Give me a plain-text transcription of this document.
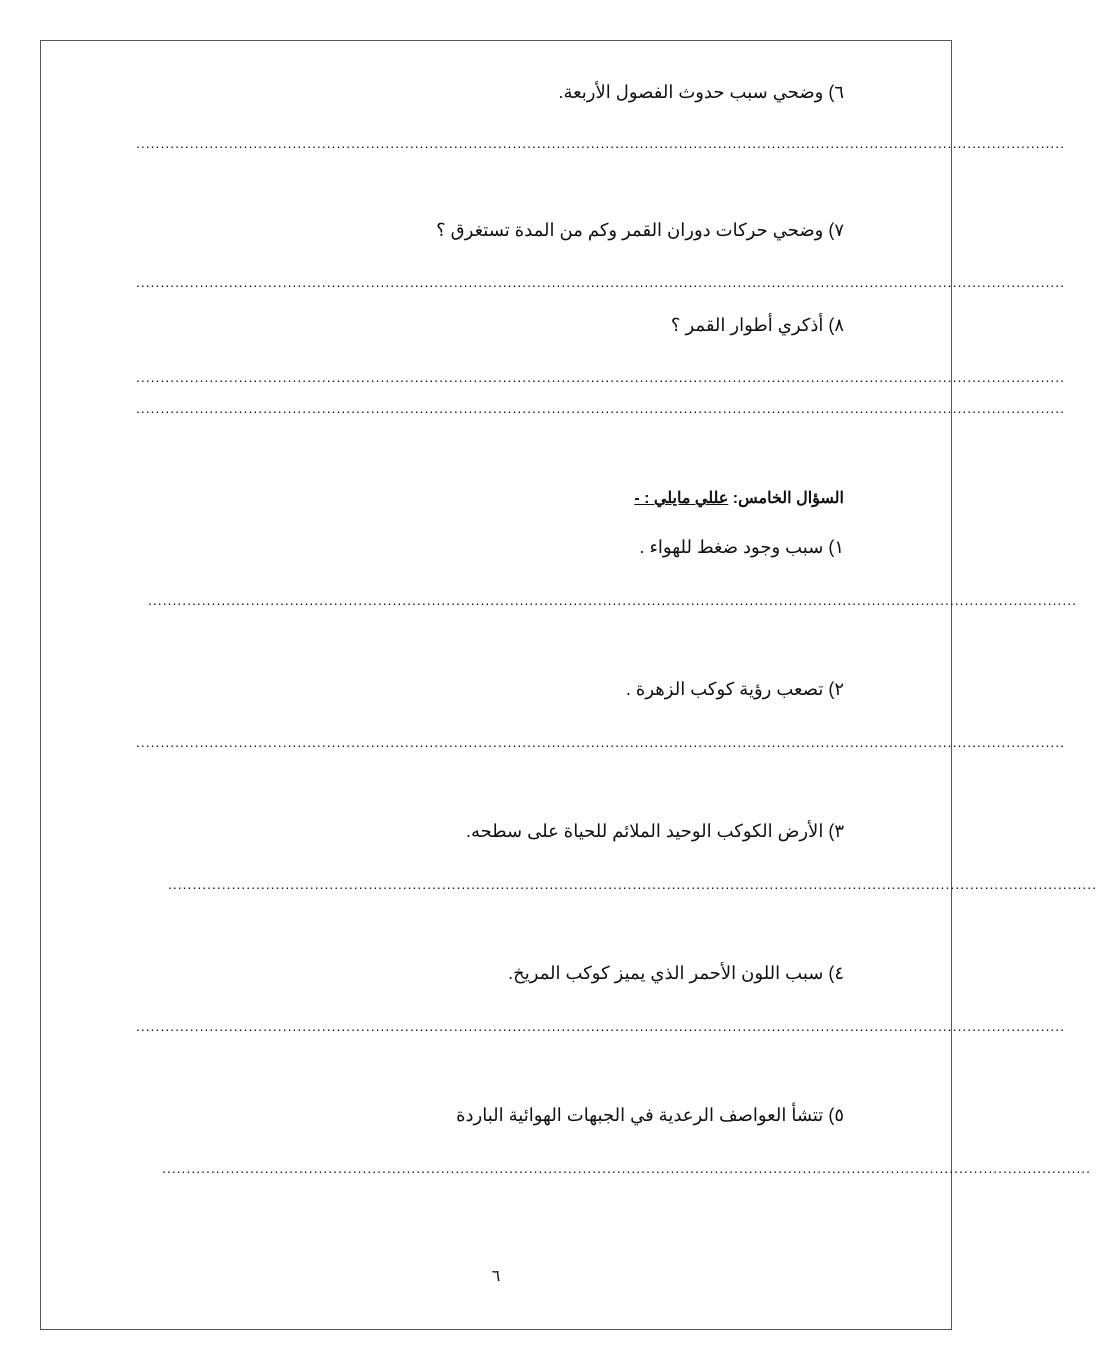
٦) وضحي سبب حدوث الفصول الأربعة.
..............................................................................................................................................................................................
٧) وضحي حركات دوران القمر وكم من المدة تستغرق ؟
..............................................................................................................................................................................................
٨) أذكري أطوار القمر ؟
..............................................................................................................................................................................................
..............................................................................................................................................................................................
السؤال الخامس: عللي مايلي : -
١) سبب وجود ضغط للهواء .
..............................................................................................................................................................................................
٢) تصعب رؤية كوكب الزهرة .
..............................................................................................................................................................................................
٣) الأرض الكوكب الوحيد الملائم للحياة على سطحه.
..............................................................................................................................................................................................
٤) سبب اللون الأحمر الذي يميز كوكب المريخ.
..............................................................................................................................................................................................
٥) تتشأ العواصف الرعدية في الجبهات الهوائية الباردة
..............................................................................................................................................................................................
٦
